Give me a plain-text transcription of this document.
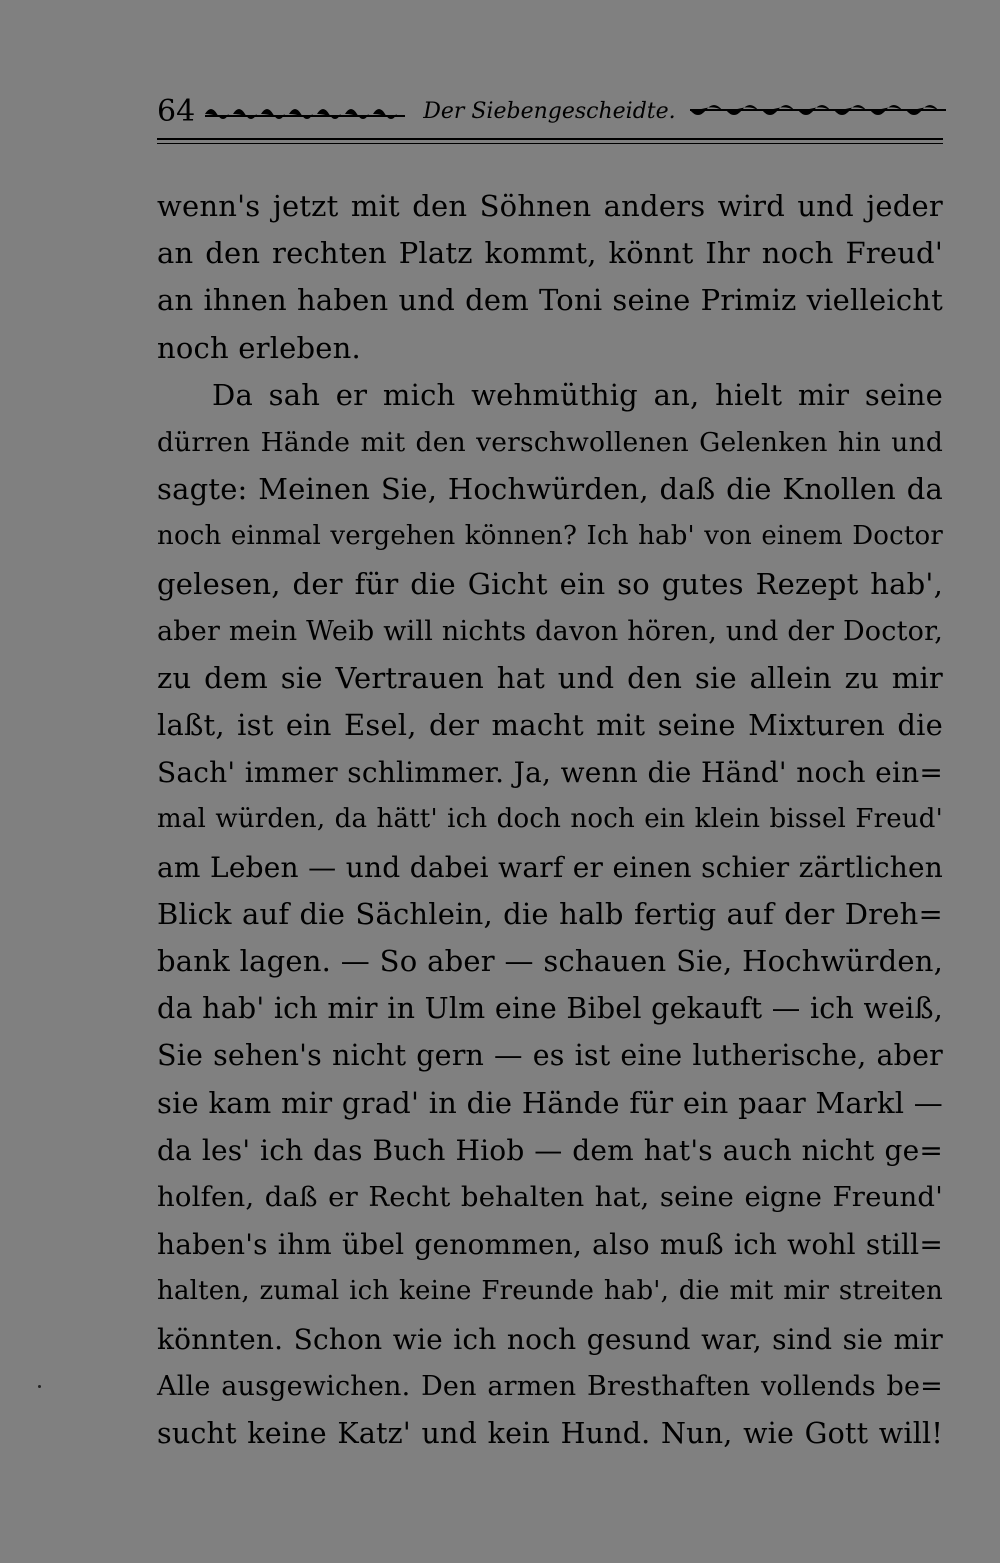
64	Der Siebengescheidte.
wenn's jetzt mit den Söhnen anders wird und jeder
an den rechten Platz kommt, könnt Ihr noch Freud'
an ihnen haben und dem Toni seine Primiz vielleicht
noch erleben.
Da sah er mich wehmüthig an, hielt mir seine
dürren Hände mit den verschwollenen Gelenken hin und
sagte: Meinen Sie, Hochwürden, daß die Knollen da
noch einmal vergehen können? Ich hab' von einem Doctor
gelesen, der für die Gicht ein so gutes Rezept hab',
aber mein Weib will nichts davon hören, und der Doctor,
zu dem sie Vertrauen hat und den sie allein zu mir
laßt, ist ein Esel, der macht mit seine Mixturen die
Sach' immer schlimmer. Ja, wenn die Händ' noch ein=
mal würden, da hätt' ich doch noch ein klein bissel Freud'
am Leben — und dabei warf er einen schier zärtlichen
Blick auf die Sächlein, die halb fertig auf der Dreh=
bank lagen. — So aber — schauen Sie, Hochwürden,
da hab' ich mir in Ulm eine Bibel gekauft — ich weiß,
Sie sehen's nicht gern — es ist eine lutherische, aber
sie kam mir grad' in die Hände für ein paar Markl —
da les' ich das Buch Hiob — dem hat's auch nicht ge=
holfen, daß er Recht behalten hat, seine eigne Freund'
haben's ihm übel genommen, also muß ich wohl still=
halten, zumal ich keine Freunde hab', die mit mir streiten
könnten. Schon wie ich noch gesund war, sind sie mir
Alle ausgewichen. Den armen Bresthaften vollends be=
sucht keine Katz' und kein Hund. Nun, wie Gott will!
